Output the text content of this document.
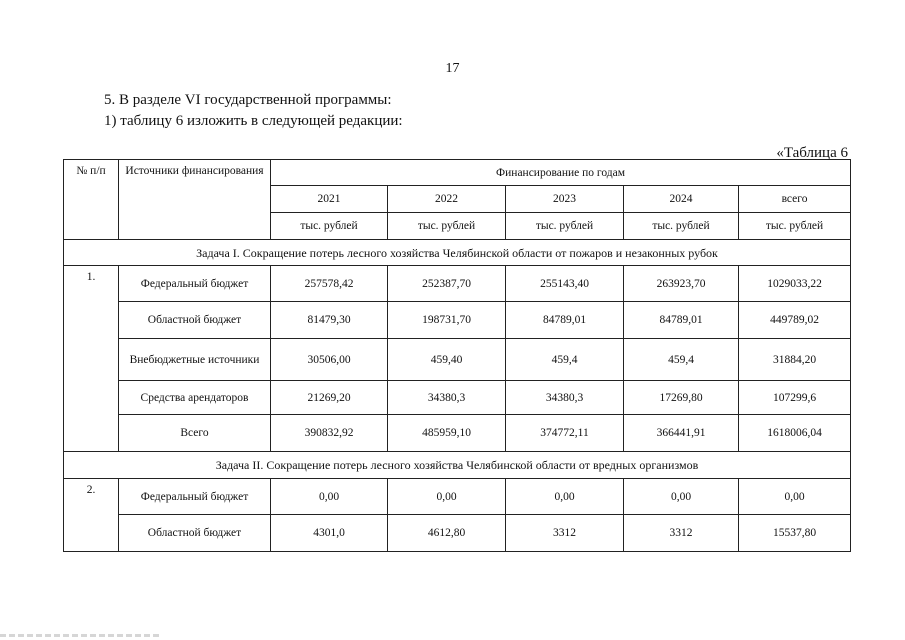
17
5. В разделе VI государственной программы:
1) таблицу 6 изложить в следующей редакции:
«Таблица 6
№ п/п	Источники финансирования	Финансирование по годам				
		2021	2022	2023	2024	всего
		тыс. рублей	тыс. рублей	тыс. рублей	тыс. рублей	тыс. рублей
Задача I. Сокращение потерь лесного хозяйства Челябинской области от пожаров и незаконных рубок						
1.	Федеральный бюджет	257578,42	252387,70	255143,40	263923,70	1029033,22
	Областной бюджет	81479,30	198731,70	84789,01	84789,01	449789,02
	Внебюджетные источники	30506,00	459,40	459,4	459,4	31884,20
	Средства арендаторов	21269,20	34380,3	34380,3	17269,80	107299,6
	Всего	390832,92	485959,10	374772,11	366441,91	1618006,04
Задача II. Сокращение потерь лесного хозяйства Челябинской области от вредных организмов						
2.	Федеральный бюджет	0,00	0,00	0,00	0,00	0,00
	Областной бюджет	4301,0	4612,80	3312	3312	15537,80
